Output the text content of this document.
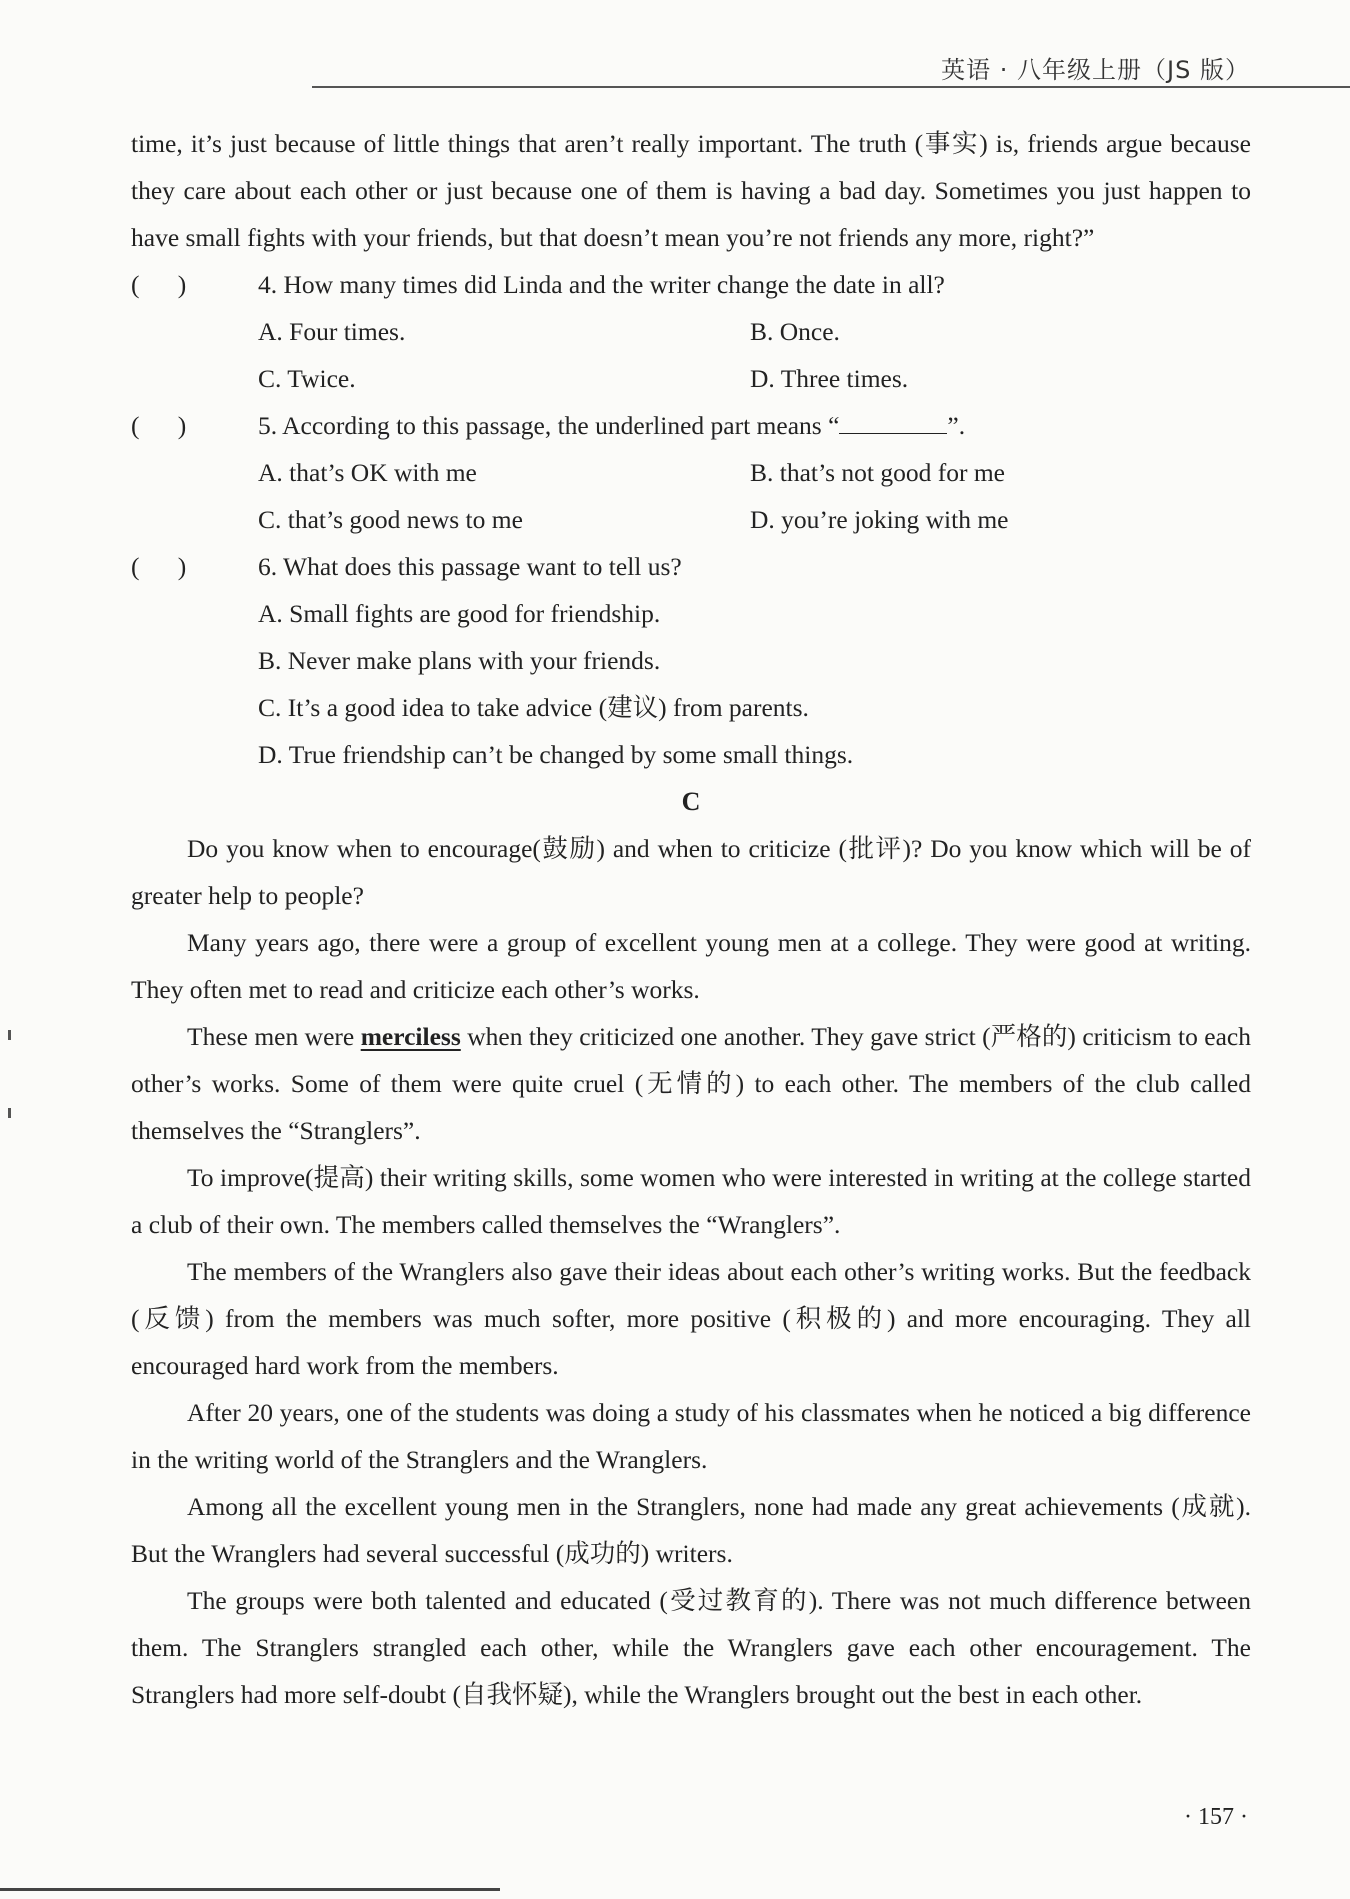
英语 · 八年级上册（JS 版）

time, it’s just because of little things that aren’t really important. The truth (事实) is, friends argue because they care about each other or just because one of them is having a bad day. Sometimes you just happen to have small fights with your friends, but that doesn’t mean you’re not friends any more, right?”

(      )	4. How many times did Linda and the writer change the date in all?

A. Four times.	B. Once.
C. Twice.	D. Three times.

(      )	5. According to this passage, the underlined part means “	”.

A. that’s OK with me	B. that’s not good for me
C. that’s good news to me	D. you’re joking with me

(      )	6. What does this passage want to tell us?

A. Small fights are good for friendship.
B. Never make plans with your friends.
C. It’s a good idea to take advice (建议) from parents.
D. True friendship can’t be changed by some small things.

C

Do you know when to encourage(鼓励) and when to criticize (批评)? Do you know which will be of greater help to people?

Many years ago, there were a group of excellent young men at a college. They were good at writing. They often met to read and criticize each other’s works.

These men were merciless when they criticized one another. They gave strict (严格的) criticism to each other’s works. Some of them were quite cruel (无情的) to each other. The members of the club called themselves the “Stranglers”.

To improve(提高) their writing skills, some women who were interested in writing at the college started a club of their own. The members called themselves the “Wranglers”.

The members of the Wranglers also gave their ideas about each other’s writing works. But the feedback (反馈) from the members was much softer, more positive (积极的) and more encouraging. They all encouraged hard work from the members.

After 20 years, one of the students was doing a study of his classmates when he noticed a big difference in the writing world of the Stranglers and the Wranglers.

Among all the excellent young men in the Stranglers, none had made any great achievements (成就). But the Wranglers had several successful (成功的) writers.

The groups were both talented and educated (受过教育的). There was not much difference between them. The Stranglers strangled each other, while the Wranglers gave each other encouragement. The Stranglers had more self-doubt (自我怀疑), while the Wranglers brought out the best in each other.

· 157 ·
